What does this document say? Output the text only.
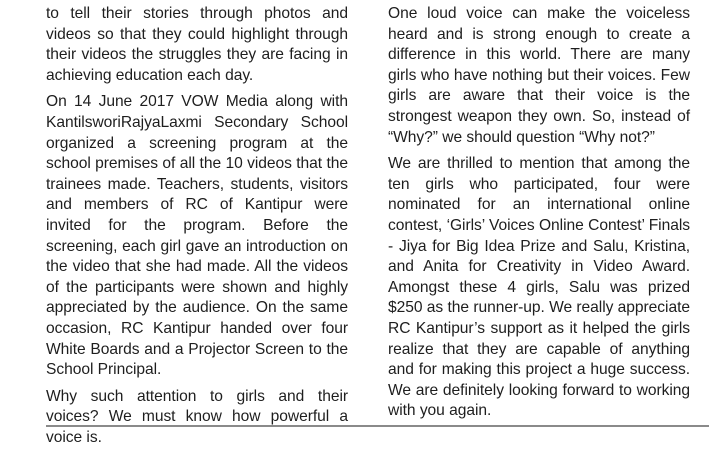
to tell their stories through photos and videos so that they could highlight through their videos the struggles they are facing in achieving education each day.

On 14 June 2017 VOW Media along with KantilsworiRajyaLaxmi Secondary School organized a screening program at the school premises of all the 10 videos that the trainees made. Teachers, students, visitors and members of RC of Kantipur were invited for the program. Before the screening, each girl gave an introduction on the video that she had made. All the videos of the participants were shown and highly appreciated by the audience. On the same occasion, RC Kantipur handed over four White Boards and a Projector Screen to the School Principal.

Why such attention to girls and their voices? We must know how powerful a voice is.

One loud voice can make the voiceless heard and is strong enough to create a difference in this world. There are many girls who have nothing but their voices. Few girls are aware that their voice is the strongest weapon they own. So, instead of “Why?” we should question “Why not?”

We are thrilled to mention that among the ten girls who participated, four were nominated for an international online contest, ‘Girls’ Voices Online Contest’ Finals - Jiya for Big Idea Prize and Salu, Kristina, and Anita for Creativity in Video Award. Amongst these 4 girls, Salu was prized $250 as the runner-up. We really appreciate RC Kantipur’s support as it helped the girls realize that they are capable of anything and for making this project a huge success. We are definitely looking forward to working with you again.
